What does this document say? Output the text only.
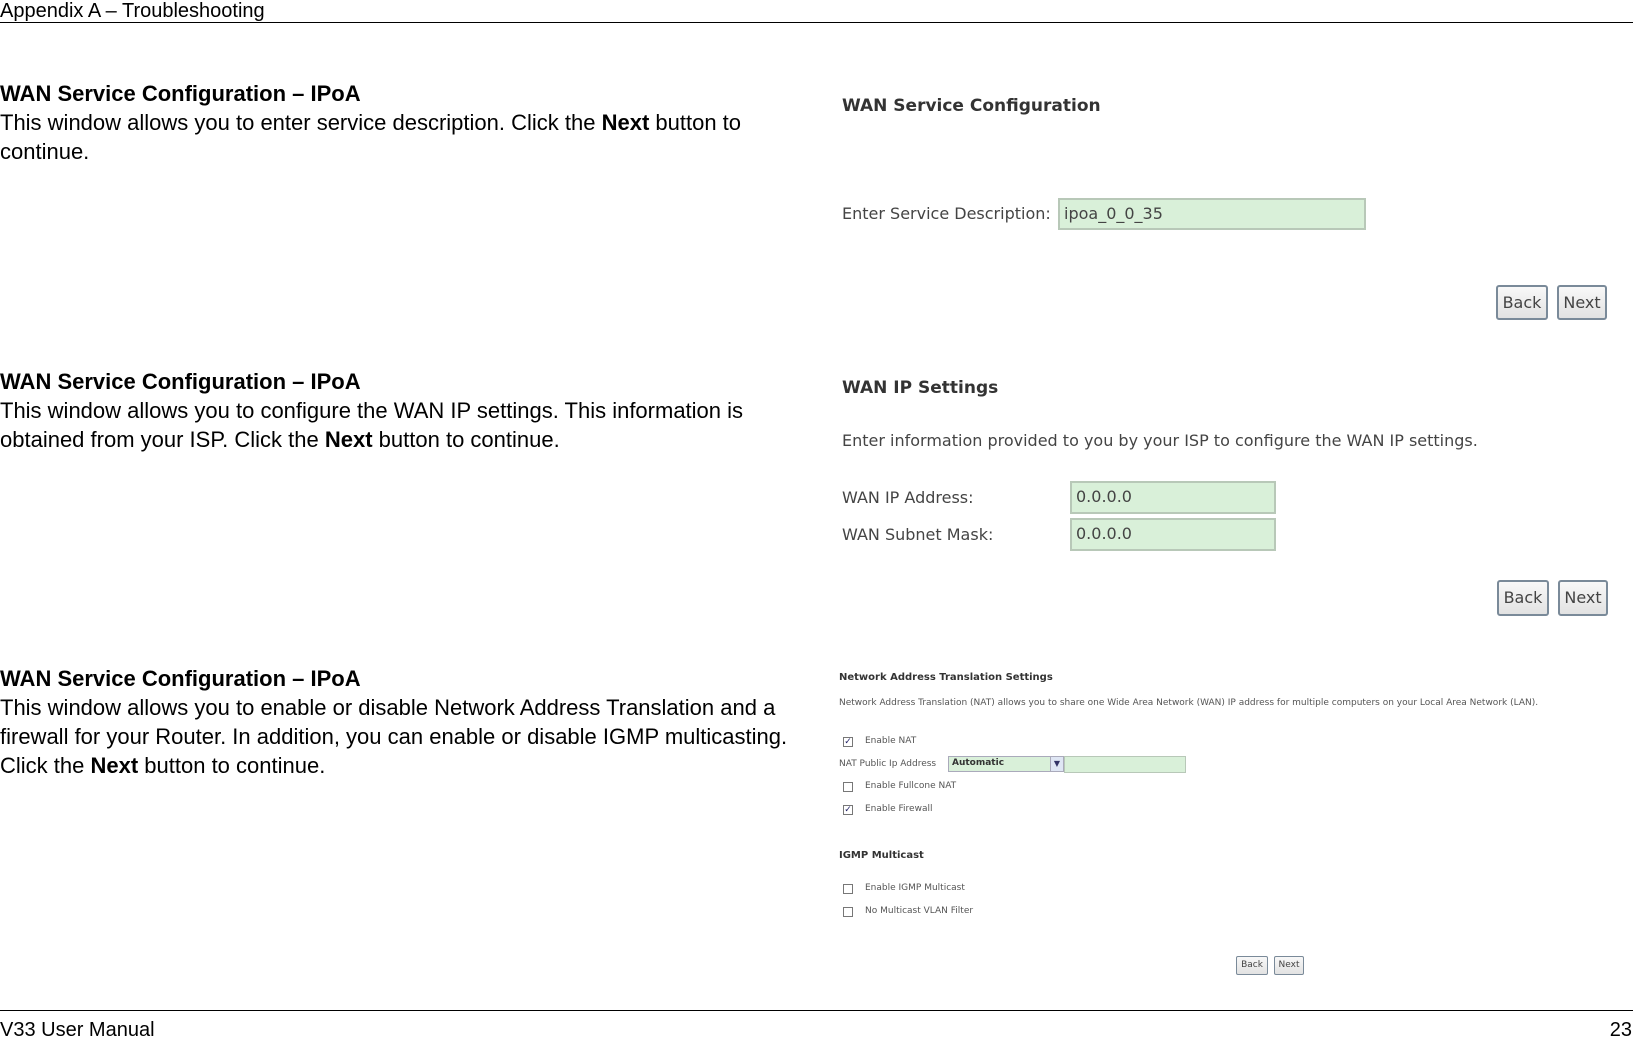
Appendix A – Troubleshooting
WAN Service Configuration – IPoA

This window allows you to enter service description. Click the Next button to continue.

WAN Service Configuration – IPoA

This window allows you to configure the WAN IP settings. This information is obtained from your ISP. Click the Next button to continue.

WAN Service Configuration – IPoA

This window allows you to enable or disable Network Address Translation and a firewall for your Router. In addition, you can enable or disable IGMP multicasting. Click the Next button to continue.

WAN Service Configuration
Enter Service Description: ipoa_0_0_35
Back	Next
WAN IP Settings
Enter information provided to you by your ISP to configure the WAN IP settings.
WAN IP Address:	0.0.0.0
WAN Subnet Mask:	0.0.0.0
Back	Next
Network Address Translation Settings
Network Address Translation (NAT) allows you to share one Wide Area Network (WAN) IP address for multiple computers on your Local Area Network (LAN).
✓ Enable NAT
NAT Public Ip Address	Automatic	▼
Enable Fullcone NAT
✓ Enable Firewall
IGMP Multicast
Enable IGMP Multicast
No Multicast VLAN Filter
Back	Next
V33 User Manual	23
